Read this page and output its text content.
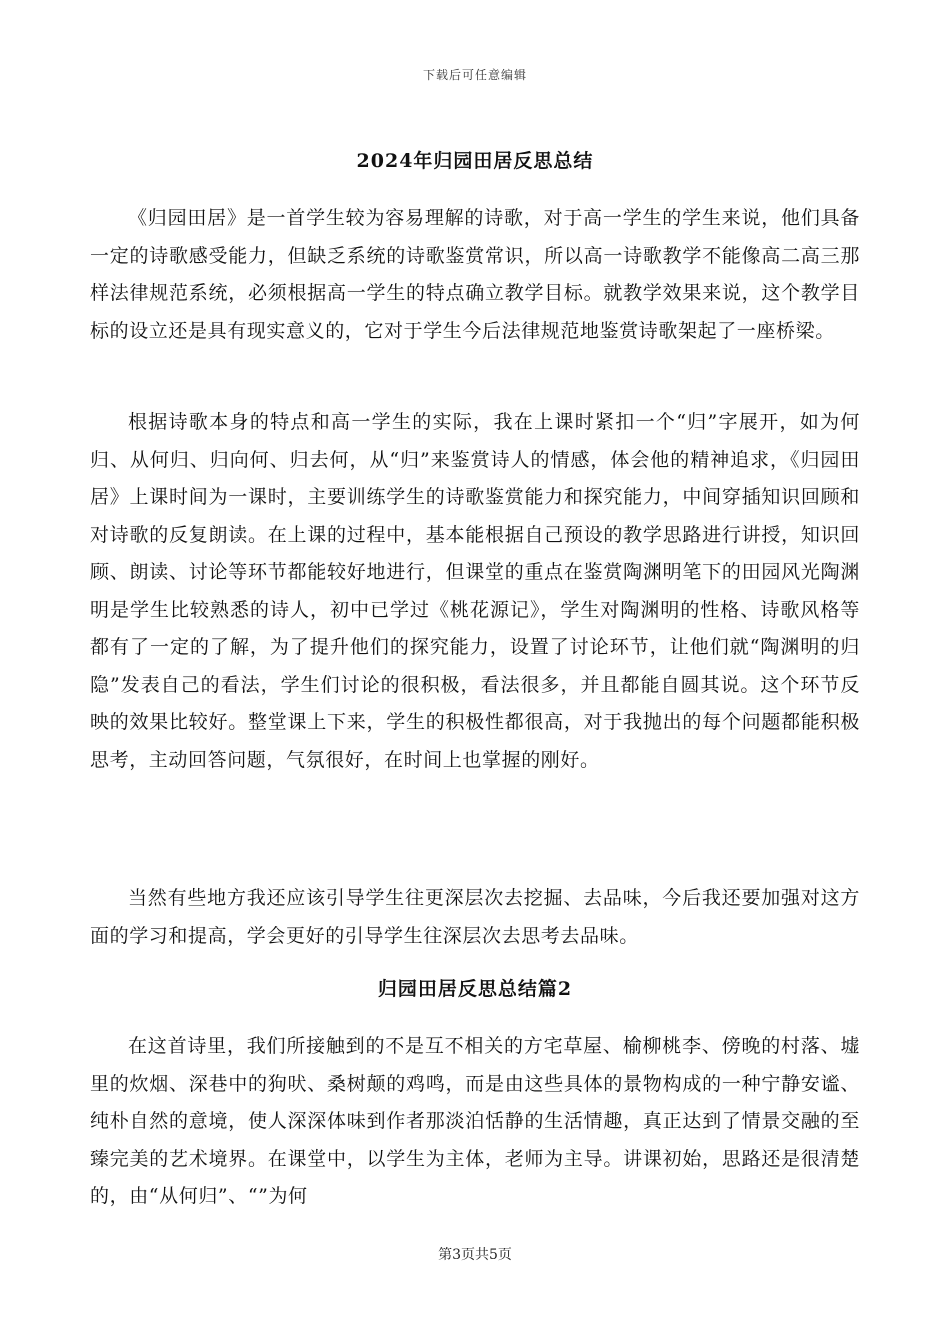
下载后可任意编辑
2024年归园田居反思总结

《归园田居》是一首学生较为容易理解的诗歌，对于高一学生的学生来说，他们具备一定的诗歌感受能力，但缺乏系统的诗歌鉴赏常识，所以高一诗歌教学不能像高二高三那样法律规范系统，必须根据高一学生的特点确立教学目标。就教学效果来说，这个教学目标的设立还是具有现实意义的，它对于学生今后法律规范地鉴赏诗歌架起了一座桥梁。

根据诗歌本身的特点和高一学生的实际，我在上课时紧扣一个“归”字展开，如为何归、从何归、归向何、归去何，从“归”来鉴赏诗人的情感，体会他的精神追求，《归园田居》上课时间为一课时，主要训练学生的诗歌鉴赏能力和探究能力，中间穿插知识回顾和对诗歌的反复朗读。在上课的过程中，基本能根据自己预设的教学思路进行讲授，知识回顾、朗读、讨论等环节都能较好地进行，但课堂的重点在鉴赏陶渊明笔下的田园风光陶渊明是学生比较熟悉的诗人，初中已学过《桃花源记》，学生对陶渊明的性格、诗歌风格等都有了一定的了解，为了提升他们的探究能力，设置了讨论环节，让他们就“陶渊明的归隐”发表自己的看法，学生们讨论的很积极，看法很多，并且都能自圆其说。这个环节反映的效果比较好。整堂课上下来，学生的积极性都很高，对于我抛出的每个问题都能积极思考，主动回答问题，气氛很好，在时间上也掌握的刚好。

当然有些地方我还应该引导学生往更深层次去挖掘、去品味，今后我还要加强对这方面的学习和提高，学会更好的引导学生往深层次去思考去品味。

归园田居反思总结篇2

在这首诗里，我们所接触到的不是互不相关的方宅草屋、榆柳桃李、傍晚的村落、墟里的炊烟、深巷中的狗吠、桑树颠的鸡鸣，而是由这些具体的景物构成的一种宁静安谧、纯朴自然的意境，使人深深体味到作者那淡泊恬静的生活情趣，真正达到了情景交融的至臻完美的艺术境界。在课堂中，以学生为主体，老师为主导。讲课初始，思路还是很清楚的，由“从何归”、“”为何

第3页共5页
